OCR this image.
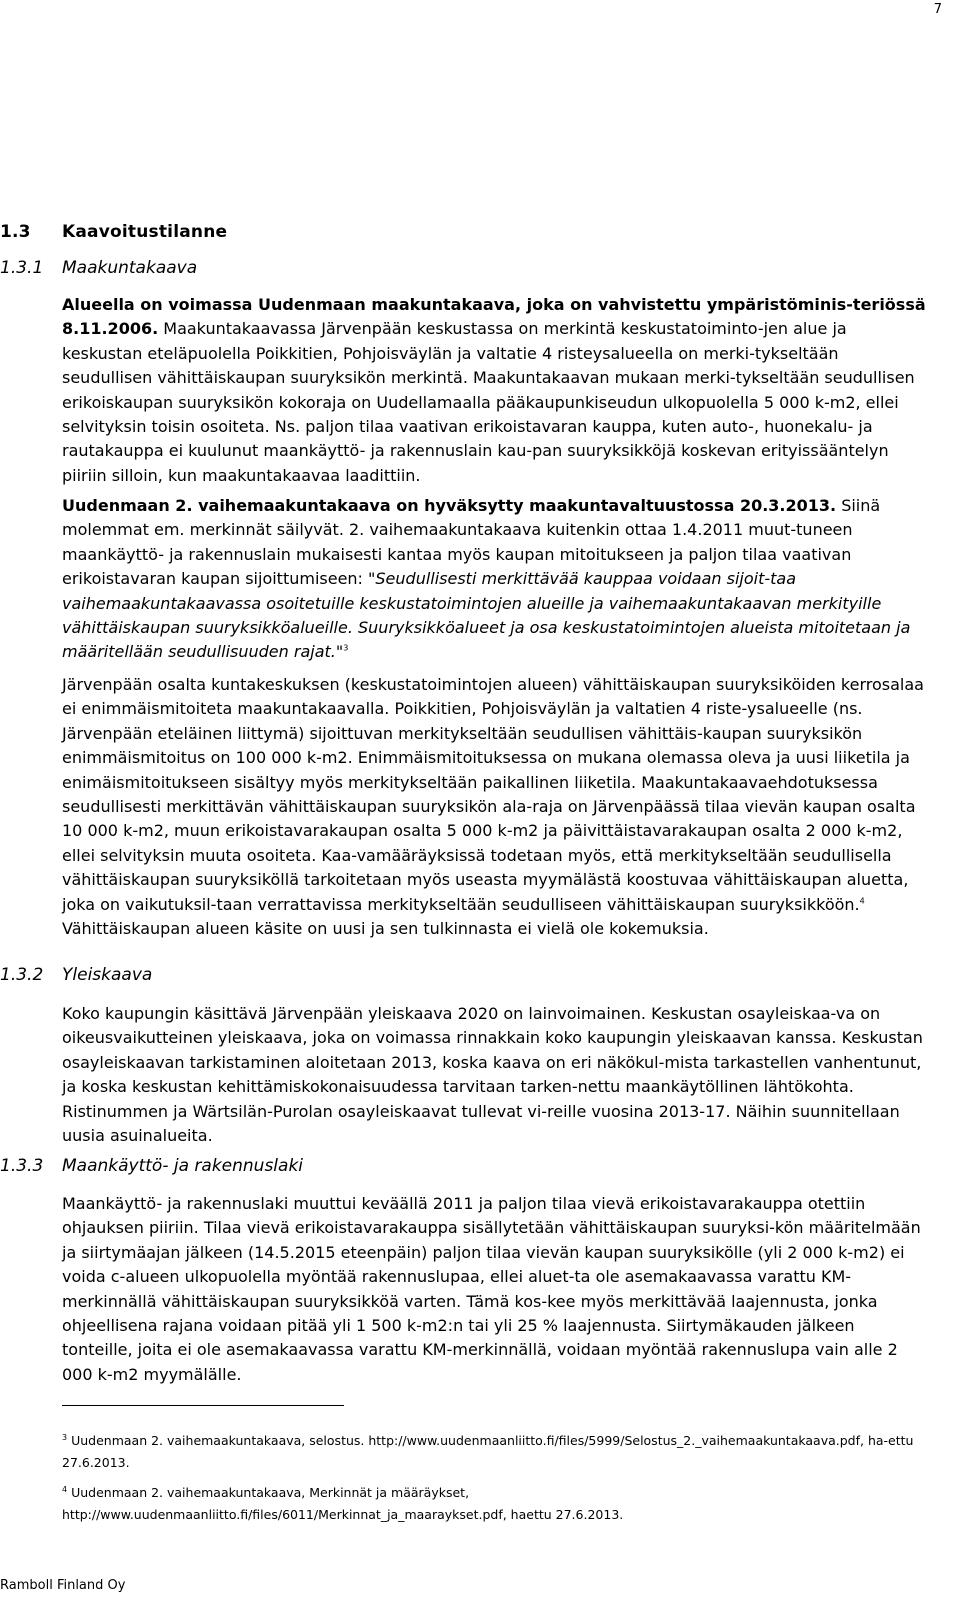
7
1.3 Kaavoitustilanne
1.3.1 Maakuntakaava

Alueella on voimassa Uudenmaan maakuntakaava, joka on vahvistettu ympäristöminis-teriössä 8.11.2006. Maakuntakaavassa Järvenpään keskustassa on merkintä keskustatoiminto-jen alue ja keskustan eteläpuolella Poikkitien, Pohjoisväylän ja valtatie 4 risteysalueella on merki-tykseltään seudullisen vähittäiskaupan suuryksikön merkintä. Maakuntakaavan mukaan merki-tykseltään seudullisen erikoiskaupan suuryksikön kokoraja on Uudellamaalla pääkaupunkiseudun ulkopuolella 5 000 k-m2, ellei selvityksin toisin osoiteta. Ns. paljon tilaa vaativan erikoistavaran kauppa, kuten auto-, huonekalu- ja rautakauppa ei kuulunut maankäyttö- ja rakennuslain kau-pan suuryksikköjä koskevan erityissääntelyn piiriin silloin, kun maakuntakaavaa laadittiin.

Uudenmaan 2. vaihemaakuntakaava on hyväksytty maakuntavaltuustossa 20.3.2013. Siinä molemmat em. merkinnät säilyvät. 2. vaihemaakuntakaava kuitenkin ottaa 1.4.2011 muut-tuneen maankäyttö- ja rakennuslain mukaisesti kantaa myös kaupan mitoitukseen ja paljon tilaa vaativan erikoistavaran kaupan sijoittumiseen: "Seudullisesti merkittävää kauppaa voidaan sijoit-taa vaihemaakuntakaavassa osoitetuille keskustatoimintojen alueille ja vaihemaakuntakaavan merkityille vähittäiskaupan suuryksikköalueille. Suuryksikköalueet ja osa keskustatoimintojen alueista mitoitetaan ja määritellään seudullisuuden rajat."$^3$

Järvenpään osalta kuntakeskuksen (keskustatoimintojen alueen) vähittäiskaupan suuryksiköiden kerrosalaa ei enimmäismitoiteta maakuntakaavalla. Poikkitien, Pohjoisväylän ja valtatien 4 riste-ysalueelle (ns. Järvenpään eteläinen liittymä) sijoittuvan merkitykseltään seudullisen vähittäis-kaupan suuryksikön enimmäismitoitus on 100 000 k-m2. Enimmäismitoituksessa on mukana olemassa oleva ja uusi liiketila ja enimäismitoitukseen sisältyy myös merkitykseltään paikallinen liiketila. Maakuntakaavaehdotuksessa seudullisesti merkittävän vähittäiskaupan suuryksikön ala-raja on Järvenpäässä tilaa vievän kaupan osalta 10 000 k-m2, muun erikoistavarakaupan osalta 5 000 k-m2 ja päivittäistavarakaupan osalta 2 000 k-m2, ellei selvityksin muuta osoiteta. Kaa-vamääräyksissä todetaan myös, että merkitykseltään seudullisella vähittäiskaupan suuryksiköllä tarkoitetaan myös useasta myymälästä koostuvaa vähittäiskaupan aluetta, joka on vaikutuksil-taan verrattavissa merkitykseltään seudulliseen vähittäiskaupan suuryksikköön.$^4$ Vähittäiskaupan alueen käsite on uusi ja sen tulkinnasta ei vielä ole kokemuksia.

1.3.2 Yleiskaava

Koko kaupungin käsittävä Järvenpään yleiskaava 2020 on lainvoimainen. Keskustan osayleiskaa-va on oikeusvaikutteinen yleiskaava, joka on voimassa rinnakkain koko kaupungin yleiskaavan kanssa. Keskustan osayleiskaavan tarkistaminen aloitetaan 2013, koska kaava on eri näkökul-mista tarkastellen vanhentunut, ja koska keskustan kehittämiskokonaisuudessa tarvitaan tarken-nettu maankäytöllinen lähtökohta. Ristinummen ja Wärtsilän-Purolan osayleiskaavat tullevat vi-reille vuosina 2013-17. Näihin suunnitellaan uusia asuinalueita.

1.3.3 Maankäyttö- ja rakennuslaki

Maankäyttö- ja rakennuslaki muuttui keväällä 2011 ja paljon tilaa vievä erikoistavarakauppa otettiin ohjauksen piiriin. Tilaa vievä erikoistavarakauppa sisällytetään vähittäiskaupan suuryksi-kön määritelmään ja siirtymäajan jälkeen (14.5.2015 eteenpäin) paljon tilaa vievän kaupan suuryksikölle (yli 2 000 k-m2) ei voida c-alueen ulkopuolella myöntää rakennuslupaa, ellei aluet-ta ole asemakaavassa varattu KM-merkinnällä vähittäiskaupan suuryksikköä varten. Tämä kos-kee myös merkittävää laajennusta, jonka ohjeellisena rajana voidaan pitää yli 1 500 k-m2:n tai yli 25 % laajennusta. Siirtymäkauden jälkeen tonteille, joita ei ole asemakaavassa varattu KM-merkinnällä, voidaan myöntää rakennuslupa vain alle 2 000 k-m2 myymälälle.

$^3$ Uudenmaan 2. vaihemaakuntakaava, selostus. http://www.uudenmaanliitto.fi/files/5999/Selostus_2._vaihemaakuntakaava.pdf, ha-ettu 27.6.2013.

$^4$ Uudenmaan 2. vaihemaakuntakaava, Merkinnät ja määräykset,
http://www.uudenmaanliitto.fi/files/6011/Merkinnat_ja_maaraykset.pdf, haettu 27.6.2013.

Ramboll Finland Oy
